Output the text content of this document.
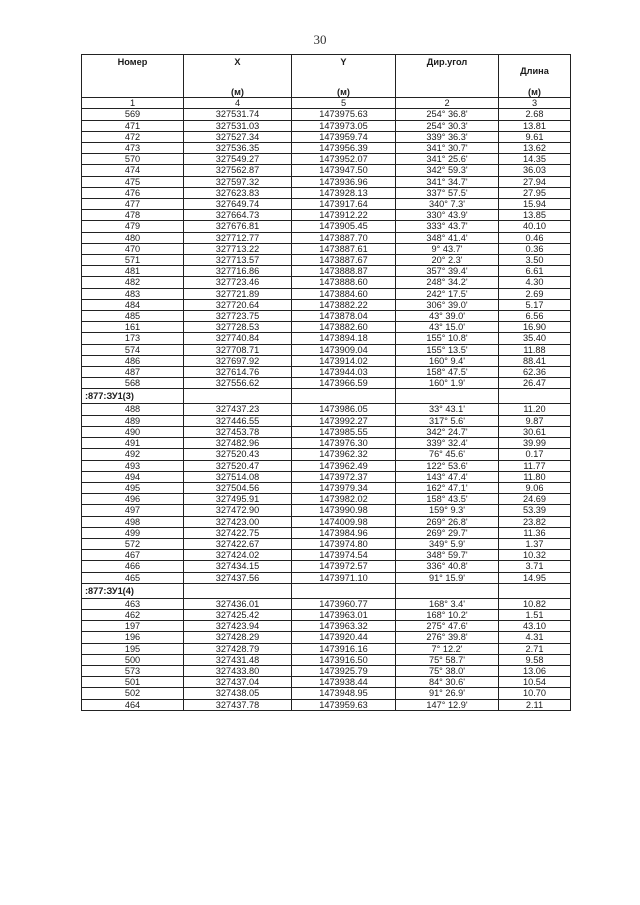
30
Номер	X	Y	Дир.угол	Длина
	(м)	(м)		(м)
1	4	5	2	3
569	327531.74	1473975.63	254° 36.8'	2.68
471	327531.03	1473973.05	254° 30.3'	13.81
472	327527.34	1473959.74	339° 36.3'	9.61
473	327536.35	1473956.39	341° 30.7'	13.62
570	327549.27	1473952.07	341° 25.6'	14.35
474	327562.87	1473947.50	342° 59.3'	36.03
475	327597.32	1473936.96	341° 34.7'	27.94
476	327623.83	1473928.13	337° 57.5'	27.95
477	327649.74	1473917.64	340° 7.3'	15.94
478	327664.73	1473912.22	330° 43.9'	13.85
479	327676.81	1473905.45	333° 43.7'	40.10
480	327712.77	1473887.70	348° 41.4'	0.46
470	327713.22	1473887.61	9° 43.7'	0.36
571	327713.57	1473887.67	20° 2.3'	3.50
481	327716.86	1473888.87	357° 39.4'	6.61
482	327723.46	1473888.60	248° 34.2'	4.30
483	327721.89	1473884.60	242° 17.5'	2.69
484	327720.64	1473882.22	306° 39.0'	5.17
485	327723.75	1473878.04	43° 39.0'	6.56
161	327728.53	1473882.60	43° 15.0'	16.90
173	327740.84	1473894.18	155° 10.8'	35.40
574	327708.71	1473909.04	155° 13.5'	11.88
486	327697.92	1473914.02	160° 9.4'	88.41
487	327614.76	1473944.03	158° 47.5'	62.36
568	327556.62	1473966.59	160° 1.9'	26.47
:877:ЗУ1(3)				
488	327437.23	1473986.05	33° 43.1'	11.20
489	327446.55	1473992.27	317° 5.6'	9.87
490	327453.78	1473985.55	342° 24.7'	30.61
491	327482.96	1473976.30	339° 32.4'	39.99
492	327520.43	1473962.32	76° 45.6'	0.17
493	327520.47	1473962.49	122° 53.6'	11.77
494	327514.08	1473972.37	143° 47.4'	11.80
495	327504.56	1473979.34	162° 47.1'	9.06
496	327495.91	1473982.02	158° 43.5'	24.69
497	327472.90	1473990.98	159° 9.3'	53.39
498	327423.00	1474009.98	269° 26.8'	23.82
499	327422.75	1473984.96	269° 29.7'	11.36
572	327422.67	1473974.80	349° 5.9'	1.37
467	327424.02	1473974.54	348° 59.7'	10.32
466	327434.15	1473972.57	336° 40.8'	3.71
465	327437.56	1473971.10	91° 15.9'	14.95
:877:ЗУ1(4)				
463	327436.01	1473960.77	168° 3.4'	10.82
462	327425.42	1473963.01	168° 10.2'	1.51
197	327423.94	1473963.32	275° 47.6'	43.10
196	327428.29	1473920.44	276° 39.8'	4.31
195	327428.79	1473916.16	7° 12.2'	2.71
500	327431.48	1473916.50	75° 58.7'	9.58
573	327433.80	1473925.79	75° 38.0'	13.06
501	327437.04	1473938.44	84° 30.6'	10.54
502	327438.05	1473948.95	91° 26.9'	10.70
464	327437.78	1473959.63	147° 12.9'	2.11
